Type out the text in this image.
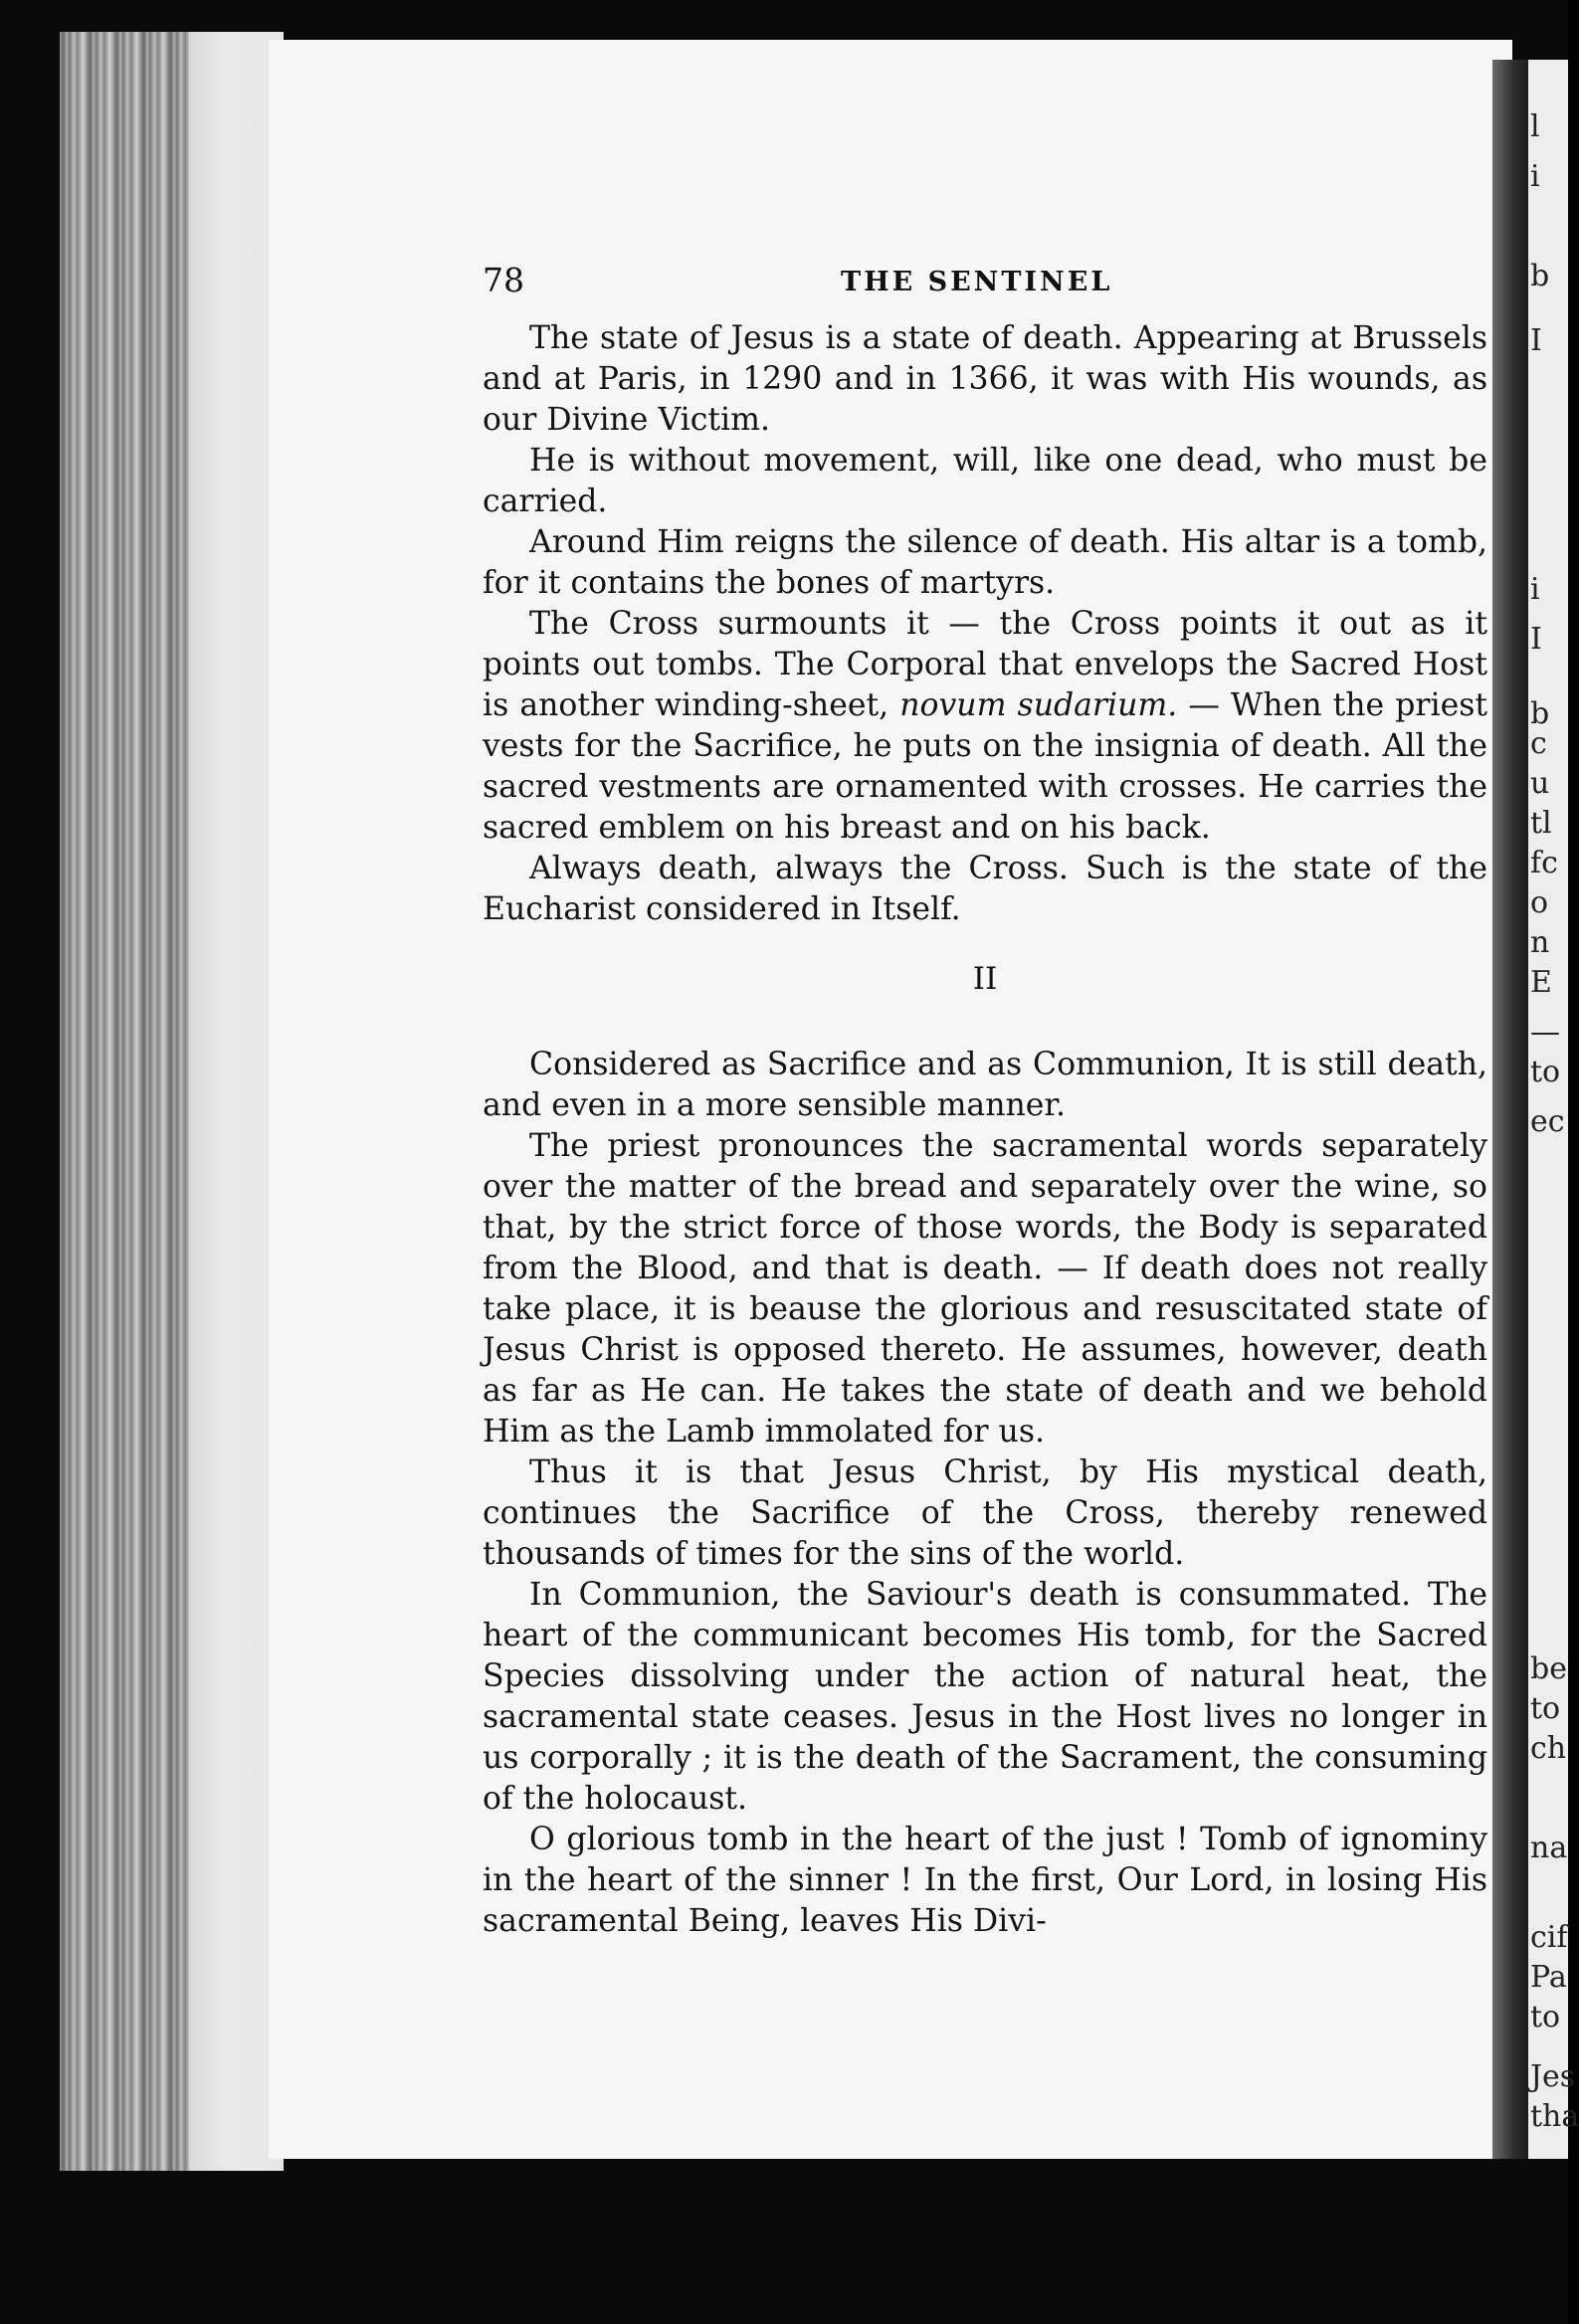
78	THE SENTINEL

The state of Jesus is a state of death. Appearing at Brussels and at Paris, in 1290 and in 1366, it was with His wounds, as our Divine Victim.

He is without movement, will, like one dead, who must be carried.

Around Him reigns the silence of death. His altar is a tomb, for it contains the bones of martyrs.

The Cross surmounts it — the Cross points it out as it points out tombs. The Corporal that envelops the Sacred Host is another winding-sheet, novum sudarium. — When the priest vests for the Sacrifice, he puts on the insignia of death. All the sacred vestments are ornamented with crosses. He carries the sacred emblem on his breast and on his back.

Always death, always the Cross. Such is the state of the Eucharist considered in Itself.

II

Considered as Sacrifice and as Communion, It is still death, and even in a more sensible manner.

The priest pronounces the sacramental words separately over the matter of the bread and separately over the wine, so that, by the strict force of those words, the Body is separated from the Blood, and that is death. — If death does not really take place, it is beause the glorious and resuscitated state of Jesus Christ is opposed thereto. He assumes, however, death as far as He can. He takes the state of death and we behold Him as the Lamb immolated for us.

Thus it is that Jesus Christ, by His mystical death, continues the Sacrifice of the Cross, thereby renewed thousands of times for the sins of the world.

In Communion, the Saviour's death is consummated. The heart of the communicant becomes His tomb, for the Sacred Species dissolving under the action of natural heat, the sacramental state ceases. Jesus in the Host lives no longer in us corporally ; it is the death of the Sacrament, the consuming of the holocaust.

O glorious tomb in the heart of the just ! Tomb of ignominy in the heart of the sinner ! In the first, Our Lord, in losing His sacramental Being, leaves His Divi-

l
i
b
I
i
I
b
c
u
tl
fc
o
n
E
—
to
ec
be
to
ch
na
cif
Pa
to
Jes
tha
